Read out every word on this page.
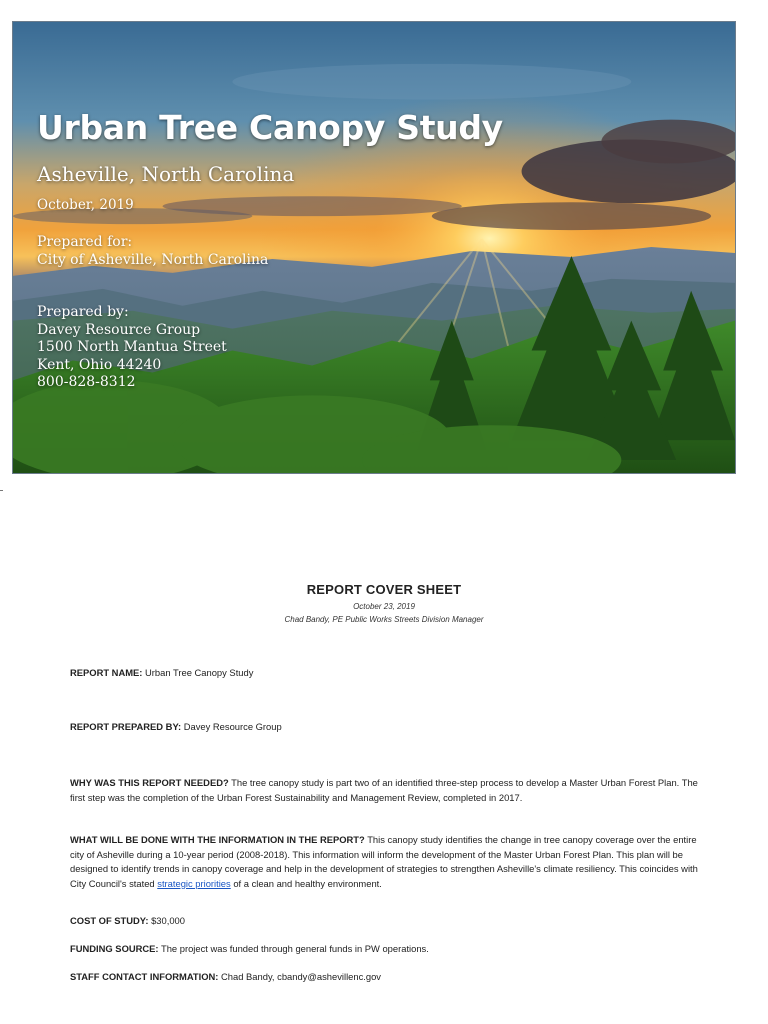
Urban Tree Canopy Study
Asheville, North Carolina
October, 2019
Prepared for:
City of Asheville, North Carolina
Prepared by:
Davey Resource Group
1500 North Mantua Street
Kent, Ohio 44240
800-828-8312
REPORT COVER SHEET
October 23, 2019
Chad Bandy, PE Public Works Streets Division Manager
REPORT NAME: Urban Tree Canopy Study
REPORT PREPARED BY: Davey Resource Group
WHY WAS THIS REPORT NEEDED? The tree canopy study is part two of an identified three-step process to develop a Master Urban Forest Plan. The first step was the completion of the Urban Forest Sustainability and Management Review, completed in 2017.
WHAT WILL BE DONE WITH THE INFORMATION IN THE REPORT? This canopy study identifies the change in tree canopy coverage over the entire city of Asheville during a 10-year period (2008-2018). This information will inform the development of the Master Urban Forest Plan. This plan will be designed to identify trends in canopy coverage and help in the development of strategies to strengthen Asheville's climate resiliency. This coincides with City Council's stated strategic priorities of a clean and healthy environment.
COST OF STUDY: $30,000
FUNDING SOURCE: The project was funded through general funds in PW operations.
STAFF CONTACT INFORMATION: Chad Bandy, cbandy@ashevillenc.gov
